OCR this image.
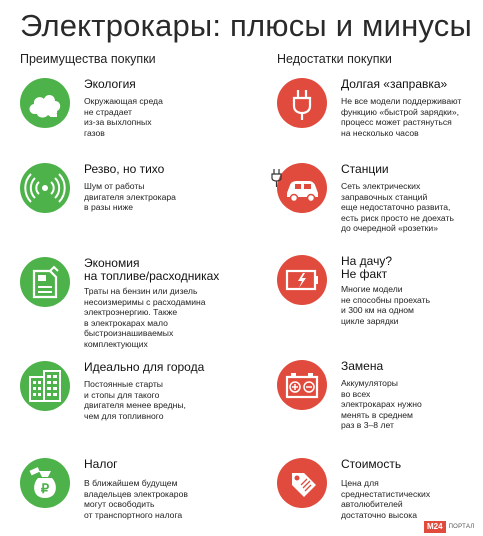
Электрокары: плюсы и минусы
Преимущества покупки	Недостатки покупки
Экология
Окружающая среда
не страдает
из-за выхлопных
газов
Резво, но тихо
Шум от работы
двигателя электрокара
в разы ниже
Экономия
на топливе/расходниках
Траты на бензин или дизель
несоизмеримы с расходамина
электроэнергию. Также
в электрокарах мало
быстроизнашиваемых
комплектующих
Идеально для города
Постоянные старты
и стопы для такого
двигателя менее вредны,
чем для топливного
₽
Налог
В ближайшем будущем
владельцев электрокаров
могут освободить
от транспортного налога
Долгая «заправка»
Не все модели поддерживают
функцию «быстрой зарядки»,
процесс может растянуться
на несколько часов
Станции
Сеть электрических
заправочных станций
еще недостаточно развита,
есть риск просто не доехать
до очередной «розетки»
На дачу?
Не факт
Многие модели
не способны проехать
и 300 км на одном
цикле зарядки
Замена
Аккумуляторы
во всех
электрокарах нужно
менять в среднем
раз в 3–8 лет
Стоимость
Цена для
среднестатистических
автолюбителей
достаточно высока
M24	ПОРТАЛ
